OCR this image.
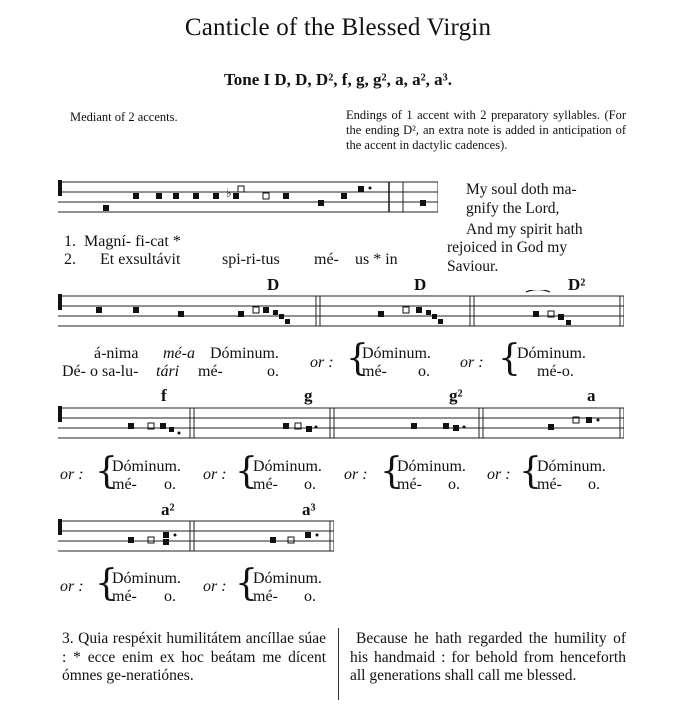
Canticle of the Blessed Virgin
Tone I D, D, D², f, g, g², a, a², a³.
Mediant of 2 accents.	Endings of 1 accent with 2 preparatory syllables. (For the ending D², an extra note is added in anticipation of the accent in dactylic cadences).
♭
1. Magní- fi-cat *
2. Et exsultávit	spi-ri-tus mé- us * in
My soul doth ma-
gnify the Lord,
And my spirit hath
rejoiced in God my
Saviour.
D	D	D²
á-nima mé-a Dóminum.
Dé- o sa-lu- tári mé-	o.
or : {
Dóminum.
mé- o.
or : {
Dóminum.
mé-o.
f	g	g²	a
or : {
Dóminum.
mé- o.
or : {
Dóminum.
mé- o.
or : {
Dóminum.
mé- o.
or : {
Dóminum.
mé- o.
a²	a³
or : {
Dóminum.
mé- o.
or : {
Dóminum.
mé- o.
3. Quia respéxit humilitátem ancíllae súae : * ecce enim ex hoc beátam me dícent ómnes ge-neratiónes.
Because he hath regarded the humility of his handmaid : for behold from henceforth all generations shall call me blessed.
